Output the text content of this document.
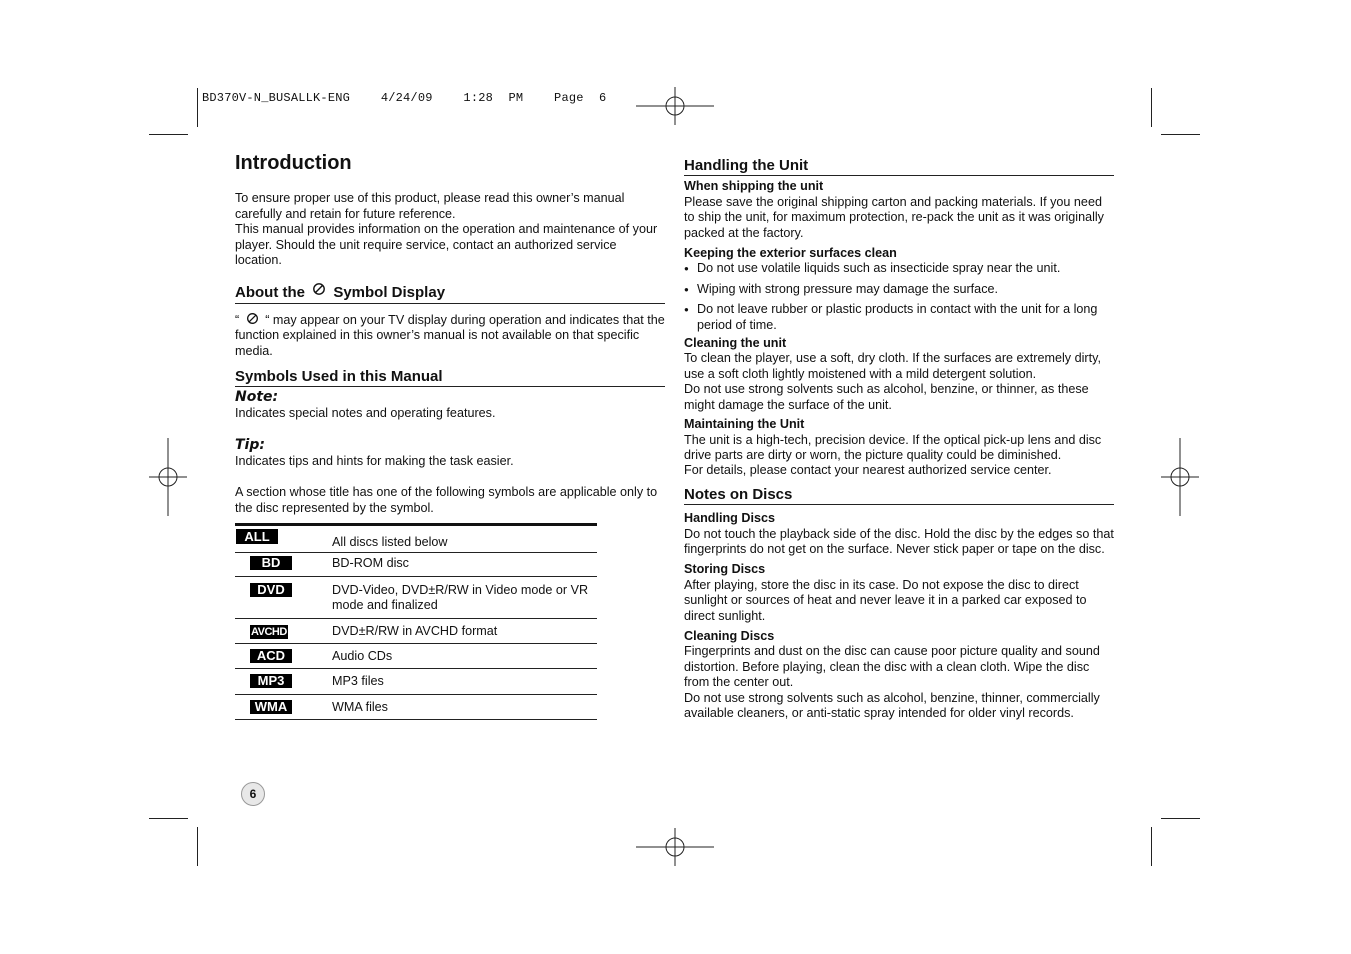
BD370V-N_BUSALLK-ENG  4/24/09  1:28 PM  Page 6
Introduction

To ensure proper use of this product, please read this owner’s manual carefully and retain for future reference.

This manual provides information on the operation and maintenance of your player. Should the unit require service, contact an authorized service location.

About the Symbol Display

“ “ may appear on your TV display during operation and indicates that the function explained in this owner’s manual is not available on that specific media.

Symbols Used in this Manual
Note:

Indicates special notes and operating features.

Tip:

Indicates tips and hints for making the task easier.

A section whose title has one of the following symbols are applicable only to the disc represented by the symbol.

ALL	All discs listed below
BD	BD-ROM disc
DVD	DVD-Video, DVD±R/RW in Video mode or VR mode and finalized
AVCHD	DVD±R/RW in AVCHD format
ACD	Audio CDs
MP3	MP3 files
WMA	WMA files
Handling the Unit
When shipping the unit

Please save the original shipping carton and packing materials. If you need to ship the unit, for maximum protection, re-pack the unit as it was originally packed at the factory.

Keeping the exterior surfaces clean
● Do not use volatile liquids such as insecticide spray near the unit.
● Wiping with strong pressure may damage the surface.
● Do not leave rubber or plastic products in contact with the unit for a long period of time.
Cleaning the unit

To clean the player, use a soft, dry cloth. If the surfaces are extremely dirty, use a soft cloth lightly moistened with a mild detergent solution.

Do not use strong solvents such as alcohol, benzine, or thinner, as these might damage the surface of the unit.

Maintaining the Unit

The unit is a high-tech, precision device. If the optical pick-up lens and disc drive parts are dirty or worn, the picture quality could be diminished.

For details, please contact your nearest authorized service center.

Notes on Discs
Handling Discs

Do not touch the playback side of the disc. Hold the disc by the edges so that fingerprints do not get on the surface. Never stick paper or tape on the disc.

Storing Discs

After playing, store the disc in its case. Do not expose the disc to direct sunlight or sources of heat and never leave it in a parked car exposed to direct sunlight.

Cleaning Discs

Fingerprints and dust on the disc can cause poor picture quality and sound distortion. Before playing, clean the disc with a clean cloth. Wipe the disc from the center out.

Do not use strong solvents such as alcohol, benzine, thinner, commercially available cleaners, or anti-static spray intended for older vinyl records.

6
